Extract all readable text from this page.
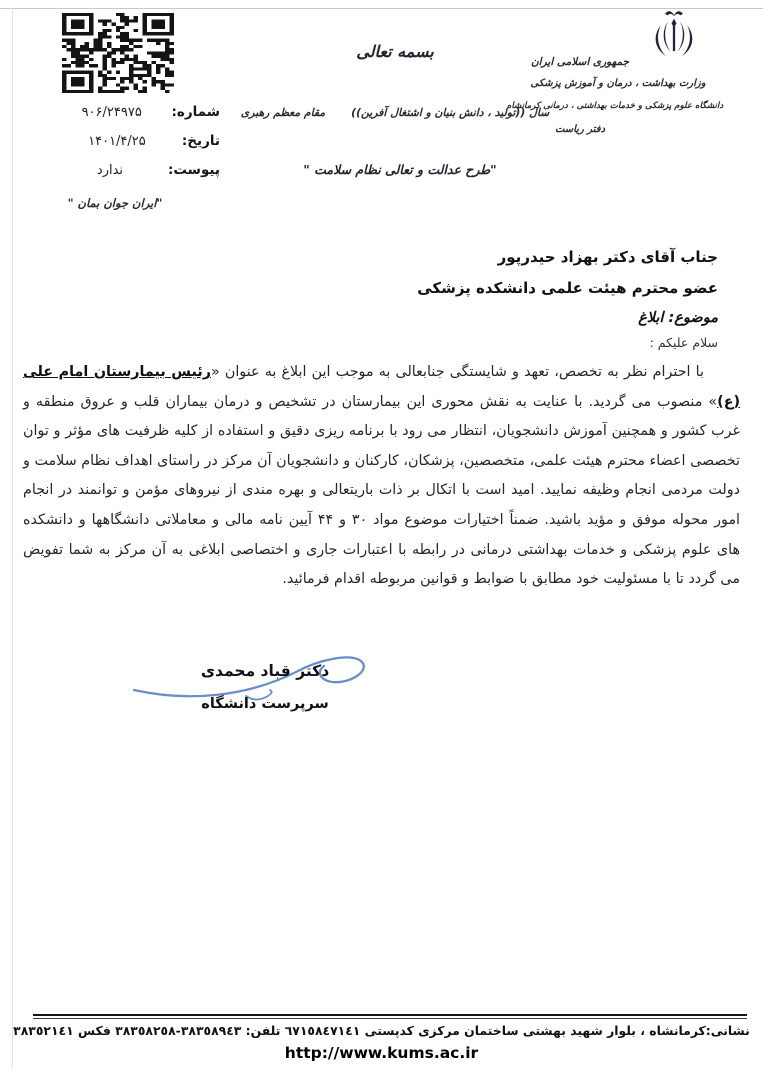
بسمه تعالی
جمهوری اسلامی ایران
وزارت بهداشت ، درمان و آموزش پزشکی
دانشگاه علوم پزشکی و خدمات بهداشتی ، درمانی کرمانشاه
دفتر ریاست
شماره:
۹۰۶/۲۴۹۷۵
تاریخ:
۱۴۰۱/۴/۲۵
پیوست:
ندارد
سال ((تولید ، دانش بنیان و اشتغال آفرین))
مقام معظم رهبری
"طرح عدالت و تعالی نظام سلامت "
"ایران جوان بمان "
جناب آقای دکتر بهزاد حیدرپور
عضو محترم هیئت علمی دانشکده پزشکی
موضوع: ابلاغ
سلام علیکم :
با احترام نظر به تخصص، تعهد و شایستگی جنابعالی به موجب این ابلاغ به عنوان «رئیس بیمارستان امام علی (ع)» منصوب می گردید. با عنایت به نقش محوری این بیمارستان در تشخیص و درمان بیماران قلب و عروق منطقه و غرب کشور و همچنین آموزش دانشجویان، انتظار می رود با برنامه ریزی دقیق و استفاده از کلیه ظرفیت های مؤثر و توان تخصصی اعضاء محترم هیئت علمی، متخصصین، پزشکان، کارکنان و دانشجویان آن مرکز در راستای اهداف نظام سلامت و دولت مردمی انجام وظیفه نمایید. امید است با اتکال بر ذات باریتعالی و بهره مندی از نیروهای مؤمن و توانمند در انجام امور محوله موفق و مؤید باشید. ضمناً اختیارات موضوع مواد ۳۰ و ۴۴ آیین نامه مالی و معاملاتی دانشگاهها و دانشکده های علوم پزشکی و خدمات بهداشتی درمانی در رابطه با اعتبارات جاری و اختصاصی ابلاغی به آن مرکز به شما تفویض می گردد تا با مسئولیت خود مطابق با ضوابط و قوانین مربوطه اقدام فرمائید.
دکتر قباد محمدی
سرپرست دانشگاه
نشانی:کرمانشاه ، بلوار شهید بهشتی ساختمان مرکزی کدپستی ٦٧١٥٨٤٧١٤١ تلفن: ٣٨٣٥٨٩٤٣-٣٨٣٥٨٢٥٨ فکس ٣٨٣٥٢١٤١
http://www.kums.ac.ir
